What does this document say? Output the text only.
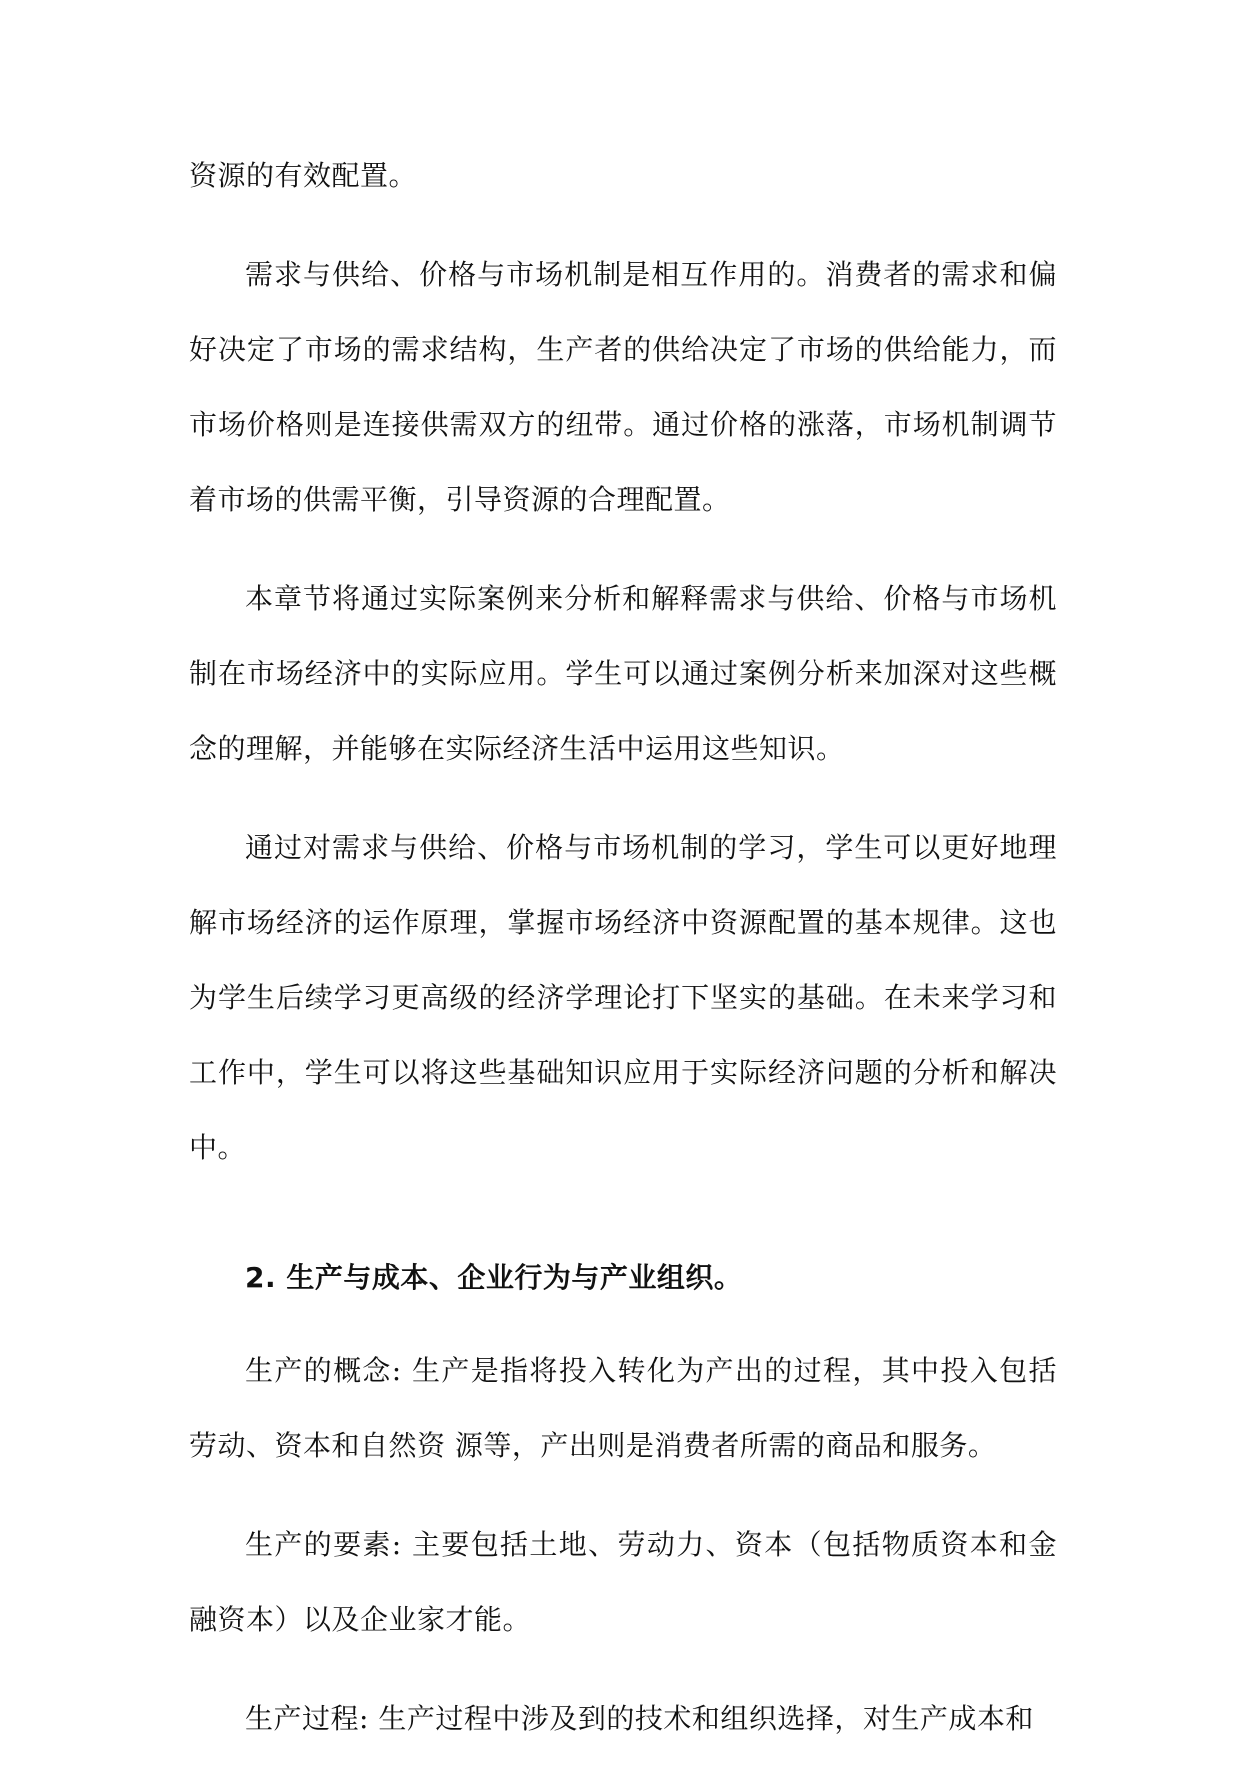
资源的有效配置。

需求与供给、价格与市场机制是相互作用的。消费者的需求和偏好决定了市场的需求结构，生产者的供给决定了市场的供给能力，而市场价格则是连接供需双方的纽带。通过价格的涨落，市场机制调节着市场的供需平衡，引导资源的合理配置。

本章节将通过实际案例来分析和解释需求与供给、价格与市场机制在市场经济中的实际应用。学生可以通过案例分析来加深对这些概念的理解，并能够在实际经济生活中运用这些知识。

通过对需求与供给、价格与市场机制的学习，学生可以更好地理解市场经济的运作原理，掌握市场经济中资源配置的基本规律。这也为学生后续学习更高级的经济学理论打下坚实的基础。在未来学习和工作中，学生可以将这些基础知识应用于实际经济问题的分析和解决中。

2. 生产与成本、企业行为与产业组织。

生产的概念: 生产是指将投入转化为产出的过程，其中投入包括劳动、资本和自然资 源等，产出则是消费者所需的商品和服务。

生产的要素: 主要包括土地、劳动力、资本（包括物质资本和金融资本）以及企业家才能。

生产过程: 生产过程中涉及到的技术和组织选择，对生产成本和
